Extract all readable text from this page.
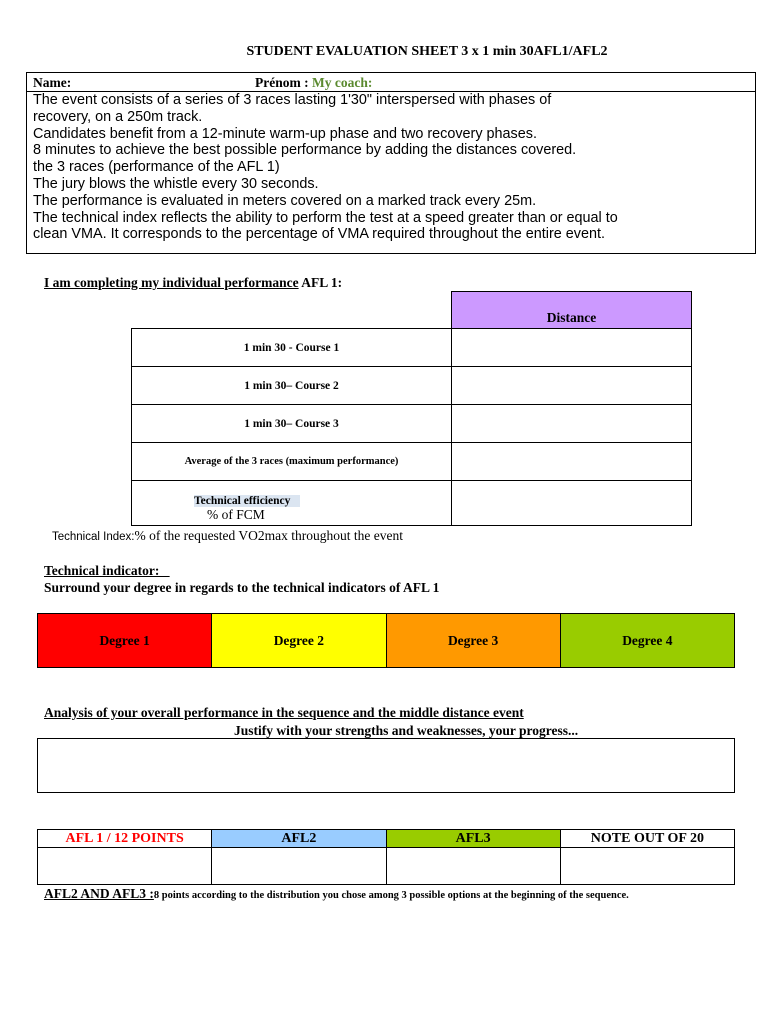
STUDENT EVALUATION SHEET 3 x 1 min 30AFL1/AFL2
Name:	Prénom : My coach:
The event consists of a series of 3 races lasting 1'30" interspersed with phases of
recovery, on a 250m track.
Candidates benefit from a 12-minute warm-up phase and two recovery phases.
8 minutes to achieve the best possible performance by adding the distances covered.
the 3 races (performance of the AFL 1)
The jury blows the whistle every 30 seconds.
The performance is evaluated in meters covered on a marked track every 25m.
The technical index reflects the ability to perform the test at a speed greater than or equal to
clean VMA. It corresponds to the percentage of VMA required throughout the entire event.
I am completing my individual performance AFL 1:
	Distance
1 min 30 - Course 1	
1 min 30– Course 2	
1 min 30– Course 3	
Average of the 3 races (maximum performance)	
Technical efficiency
% of FCM	
Technical Index:% of the requested VO2max throughout the event
Technical indicator: _
Surround your degree in regards to the technical indicators of AFL 1
Degree 1	Degree 2	Degree 3	Degree 4
Analysis of your overall performance in the sequence and the middle distance event
Justify with your strengths and weaknesses, your progress...
AFL 1 / 12 POINTS	AFL2	AFL3	NOTE OUT OF 20

AFL2 AND AFL3 :8 points according to the distribution you chose among 3 possible options at the beginning of the sequence.
